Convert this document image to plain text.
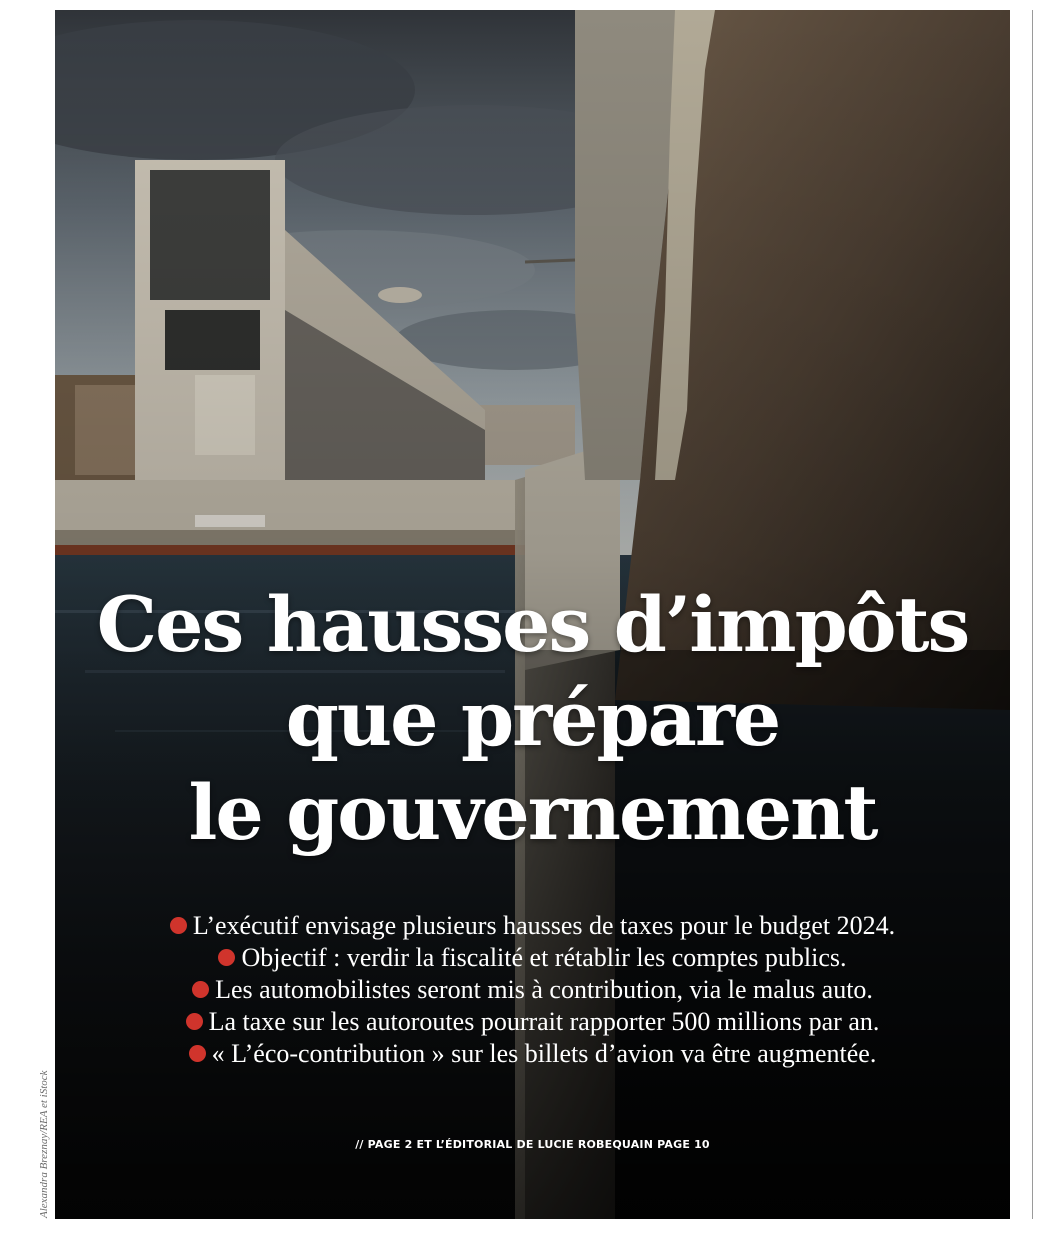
Ces hausses d’impôts
que prépare
le gouvernement
L’exécutif envisage plusieurs hausses de taxes pour le budget 2024.
Objectif : verdir la fiscalité et rétablir les comptes publics.
Les automobilistes seront mis à contribution, via le malus auto.
La taxe sur les autoroutes pourrait rapporter 500 millions par an.
« L’éco-contribution » sur les billets d’avion va être augmentée.
// PAGE 2 ET L’ÉDITORIAL DE LUCIE ROBEQUAIN PAGE 10
Alexandra Breznay/REA et iStock
